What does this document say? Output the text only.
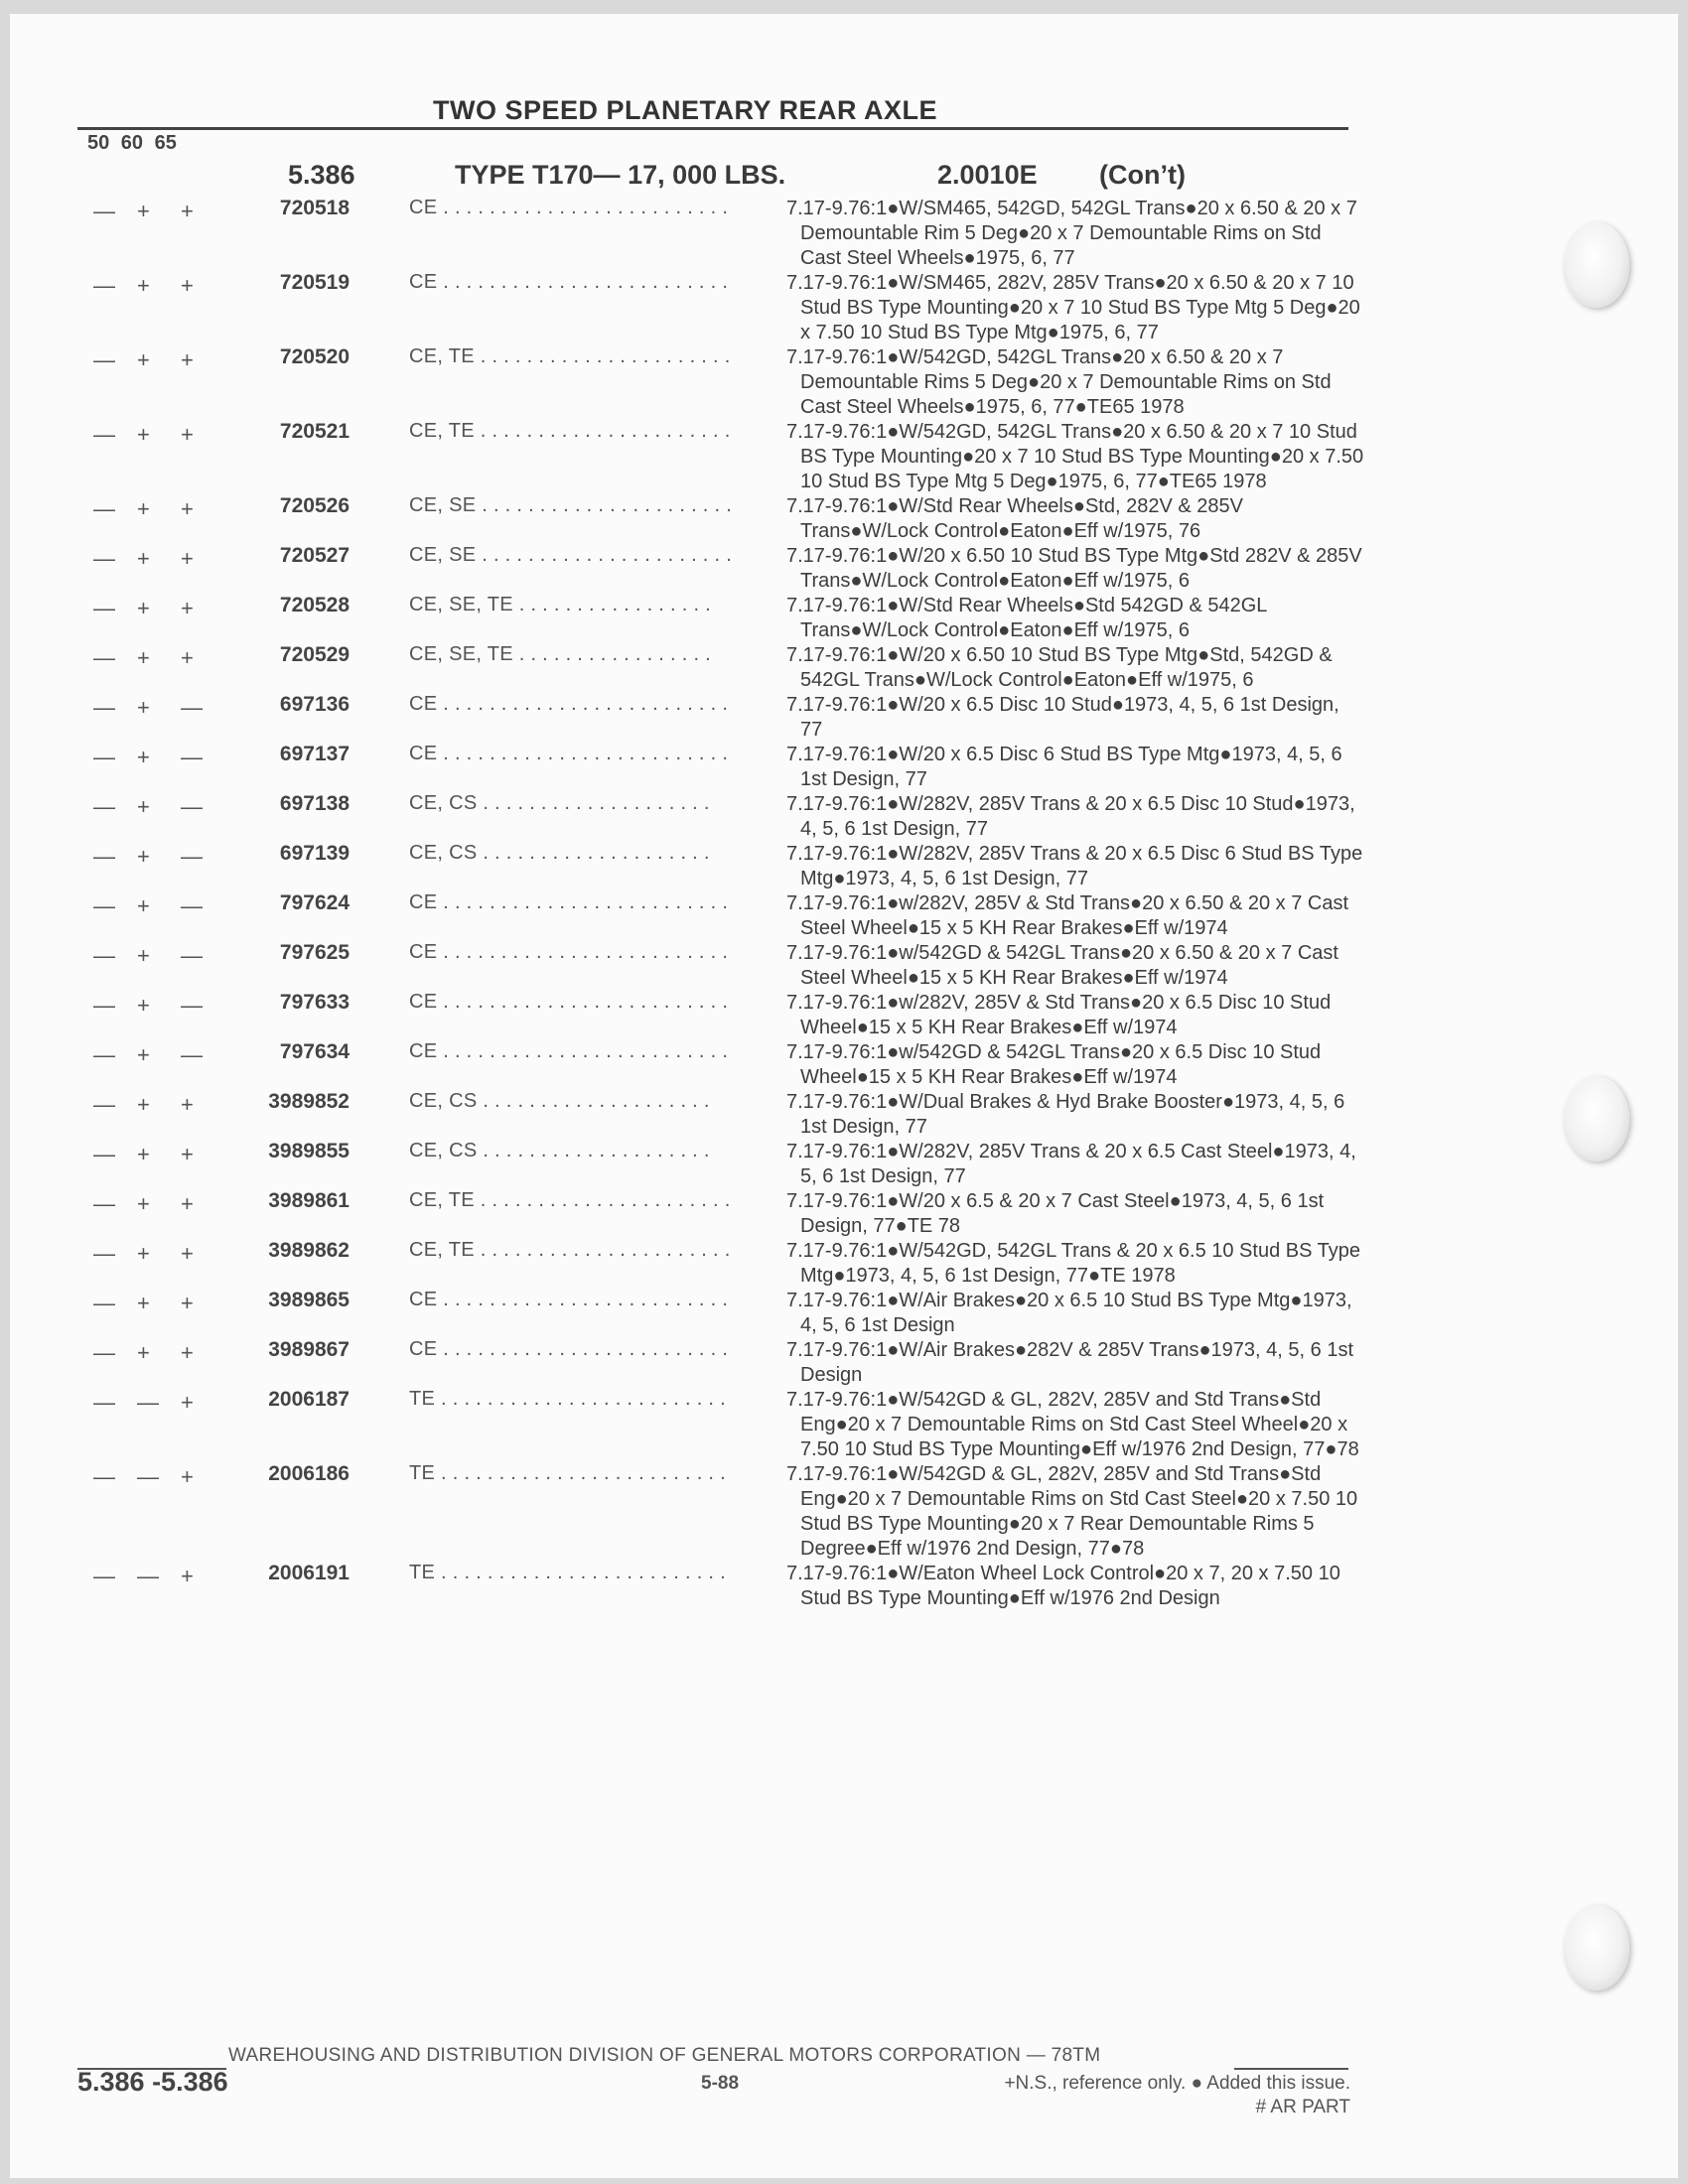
TWO SPEED PLANETARY REAR AXLE
50 60 65
5.386	TYPE T170— 17, 000 LBS.	2.0010E (Con’t)
— + +	720518	CE . . . . . . . . . . . . . . . . . . . . . . . . .	7.17-9.76:1●W/SM465, 542GD, 542GL Trans●20 x 6.50 & 20 x 7 Demountable Rim 5 Deg●20 x 7 Demountable Rims on Std Cast Steel Wheels●1975, 6, 77
— + +	720519	CE . . . . . . . . . . . . . . . . . . . . . . . . .	7.17-9.76:1●W/SM465, 282V, 285V Trans●20 x 6.50 & 20 x 7 10 Stud BS Type Mounting●20 x 7 10 Stud BS Type Mtg 5 Deg●20 x 7.50 10 Stud BS Type Mtg●1975, 6, 77
— + +	720520	CE, TE . . . . . . . . . . . . . . . . . . . . . .	7.17-9.76:1●W/542GD, 542GL Trans●20 x 6.50 & 20 x 7 Demountable Rims 5 Deg●20 x 7 Demountable Rims on Std Cast Steel Wheels●1975, 6, 77●TE65 1978
— + +	720521	CE, TE . . . . . . . . . . . . . . . . . . . . . .	7.17-9.76:1●W/542GD, 542GL Trans●20 x 6.50 & 20 x 7 10 Stud BS Type Mounting●20 x 7 10 Stud BS Type Mounting●20 x 7.50 10 Stud BS Type Mtg 5 Deg●1975, 6, 77●TE65 1978
— + +	720526	CE, SE . . . . . . . . . . . . . . . . . . . . . .	7.17-9.76:1●W/Std Rear Wheels●Std, 282V & 285V Trans●W/Lock Control●Eaton●Eff w/1975, 76
— + +	720527	CE, SE . . . . . . . . . . . . . . . . . . . . . .	7.17-9.76:1●W/20 x 6.50 10 Stud BS Type Mtg●Std 282V & 285V Trans●W/Lock Control●Eaton●Eff w/1975, 6
— + +	720528	CE, SE, TE . . . . . . . . . . . . . . . . .	7.17-9.76:1●W/Std Rear Wheels●Std 542GD & 542GL Trans●W/Lock Control●Eaton●Eff w/1975, 6
— + +	720529	CE, SE, TE . . . . . . . . . . . . . . . . .	7.17-9.76:1●W/20 x 6.50 10 Stud BS Type Mtg●Std, 542GD & 542GL Trans●W/Lock Control●Eaton●Eff w/1975, 6
— + —	697136	CE . . . . . . . . . . . . . . . . . . . . . . . . .	7.17-9.76:1●W/20 x 6.5 Disc 10 Stud●1973, 4, 5, 6 1st Design, 77
— + —	697137	CE . . . . . . . . . . . . . . . . . . . . . . . . .	7.17-9.76:1●W/20 x 6.5 Disc 6 Stud BS Type Mtg●1973, 4, 5, 6 1st Design, 77
— + —	697138	CE, CS . . . . . . . . . . . . . . . . . . . .	7.17-9.76:1●W/282V, 285V Trans & 20 x 6.5 Disc 10 Stud●1973, 4, 5, 6 1st Design, 77
— + —	697139	CE, CS . . . . . . . . . . . . . . . . . . . .	7.17-9.76:1●W/282V, 285V Trans & 20 x 6.5 Disc 6 Stud BS Type Mtg●1973, 4, 5, 6 1st Design, 77
— + —	797624	CE . . . . . . . . . . . . . . . . . . . . . . . . .	7.17-9.76:1●w/282V, 285V & Std Trans●20 x 6.50 & 20 x 7 Cast Steel Wheel●15 x 5 KH Rear Brakes●Eff w/1974
— + —	797625	CE . . . . . . . . . . . . . . . . . . . . . . . . .	7.17-9.76:1●w/542GD & 542GL Trans●20 x 6.50 & 20 x 7 Cast Steel Wheel●15 x 5 KH Rear Brakes●Eff w/1974
— + —	797633	CE . . . . . . . . . . . . . . . . . . . . . . . . .	7.17-9.76:1●w/282V, 285V & Std Trans●20 x 6.5 Disc 10 Stud Wheel●15 x 5 KH Rear Brakes●Eff w/1974
— + —	797634	CE . . . . . . . . . . . . . . . . . . . . . . . . .	7.17-9.76:1●w/542GD & 542GL Trans●20 x 6.5 Disc 10 Stud Wheel●15 x 5 KH Rear Brakes●Eff w/1974
— + +	3989852	CE, CS . . . . . . . . . . . . . . . . . . . .	7.17-9.76:1●W/Dual Brakes & Hyd Brake Booster●1973, 4, 5, 6 1st Design, 77
— + +	3989855	CE, CS . . . . . . . . . . . . . . . . . . . .	7.17-9.76:1●W/282V, 285V Trans & 20 x 6.5 Cast Steel●1973, 4, 5, 6 1st Design, 77
— + +	3989861	CE, TE . . . . . . . . . . . . . . . . . . . . . .	7.17-9.76:1●W/20 x 6.5 & 20 x 7 Cast Steel●1973, 4, 5, 6 1st Design, 77●TE 78
— + +	3989862	CE, TE . . . . . . . . . . . . . . . . . . . . . .	7.17-9.76:1●W/542GD, 542GL Trans & 20 x 6.5 10 Stud BS Type Mtg●1973, 4, 5, 6 1st Design, 77●TE 1978
— + +	3989865	CE . . . . . . . . . . . . . . . . . . . . . . . . .	7.17-9.76:1●W/Air Brakes●20 x 6.5 10 Stud BS Type Mtg●1973, 4, 5, 6 1st Design
— + +	3989867	CE . . . . . . . . . . . . . . . . . . . . . . . . .	7.17-9.76:1●W/Air Brakes●282V & 285V Trans●1973, 4, 5, 6 1st Design
— — +	2006187	TE . . . . . . . . . . . . . . . . . . . . . . . . .	7.17-9.76:1●W/542GD & GL, 282V, 285V and Std Trans●Std Eng●20 x 7 Demountable Rims on Std Cast Steel Wheel●20 x 7.50 10 Stud BS Type Mounting●Eff w/1976 2nd Design, 77●78
— — +	2006186	TE . . . . . . . . . . . . . . . . . . . . . . . . .	7.17-9.76:1●W/542GD & GL, 282V, 285V and Std Trans●Std Eng●20 x 7 Demountable Rims on Std Cast Steel●20 x 7.50 10 Stud BS Type Mounting●20 x 7 Rear Demountable Rims 5 Degree●Eff w/1976 2nd Design, 77●78
— — +	2006191	TE . . . . . . . . . . . . . . . . . . . . . . . . .	7.17-9.76:1●W/Eaton Wheel Lock Control●20 x 7, 20 x 7.50 10 Stud BS Type Mounting●Eff w/1976 2nd Design
WAREHOUSING AND DISTRIBUTION DIVISION OF GENERAL MOTORS CORPORATION — 78TM
5.386 -5.386	5-88	+N.S., reference only. ● Added this issue.
# AR PART
